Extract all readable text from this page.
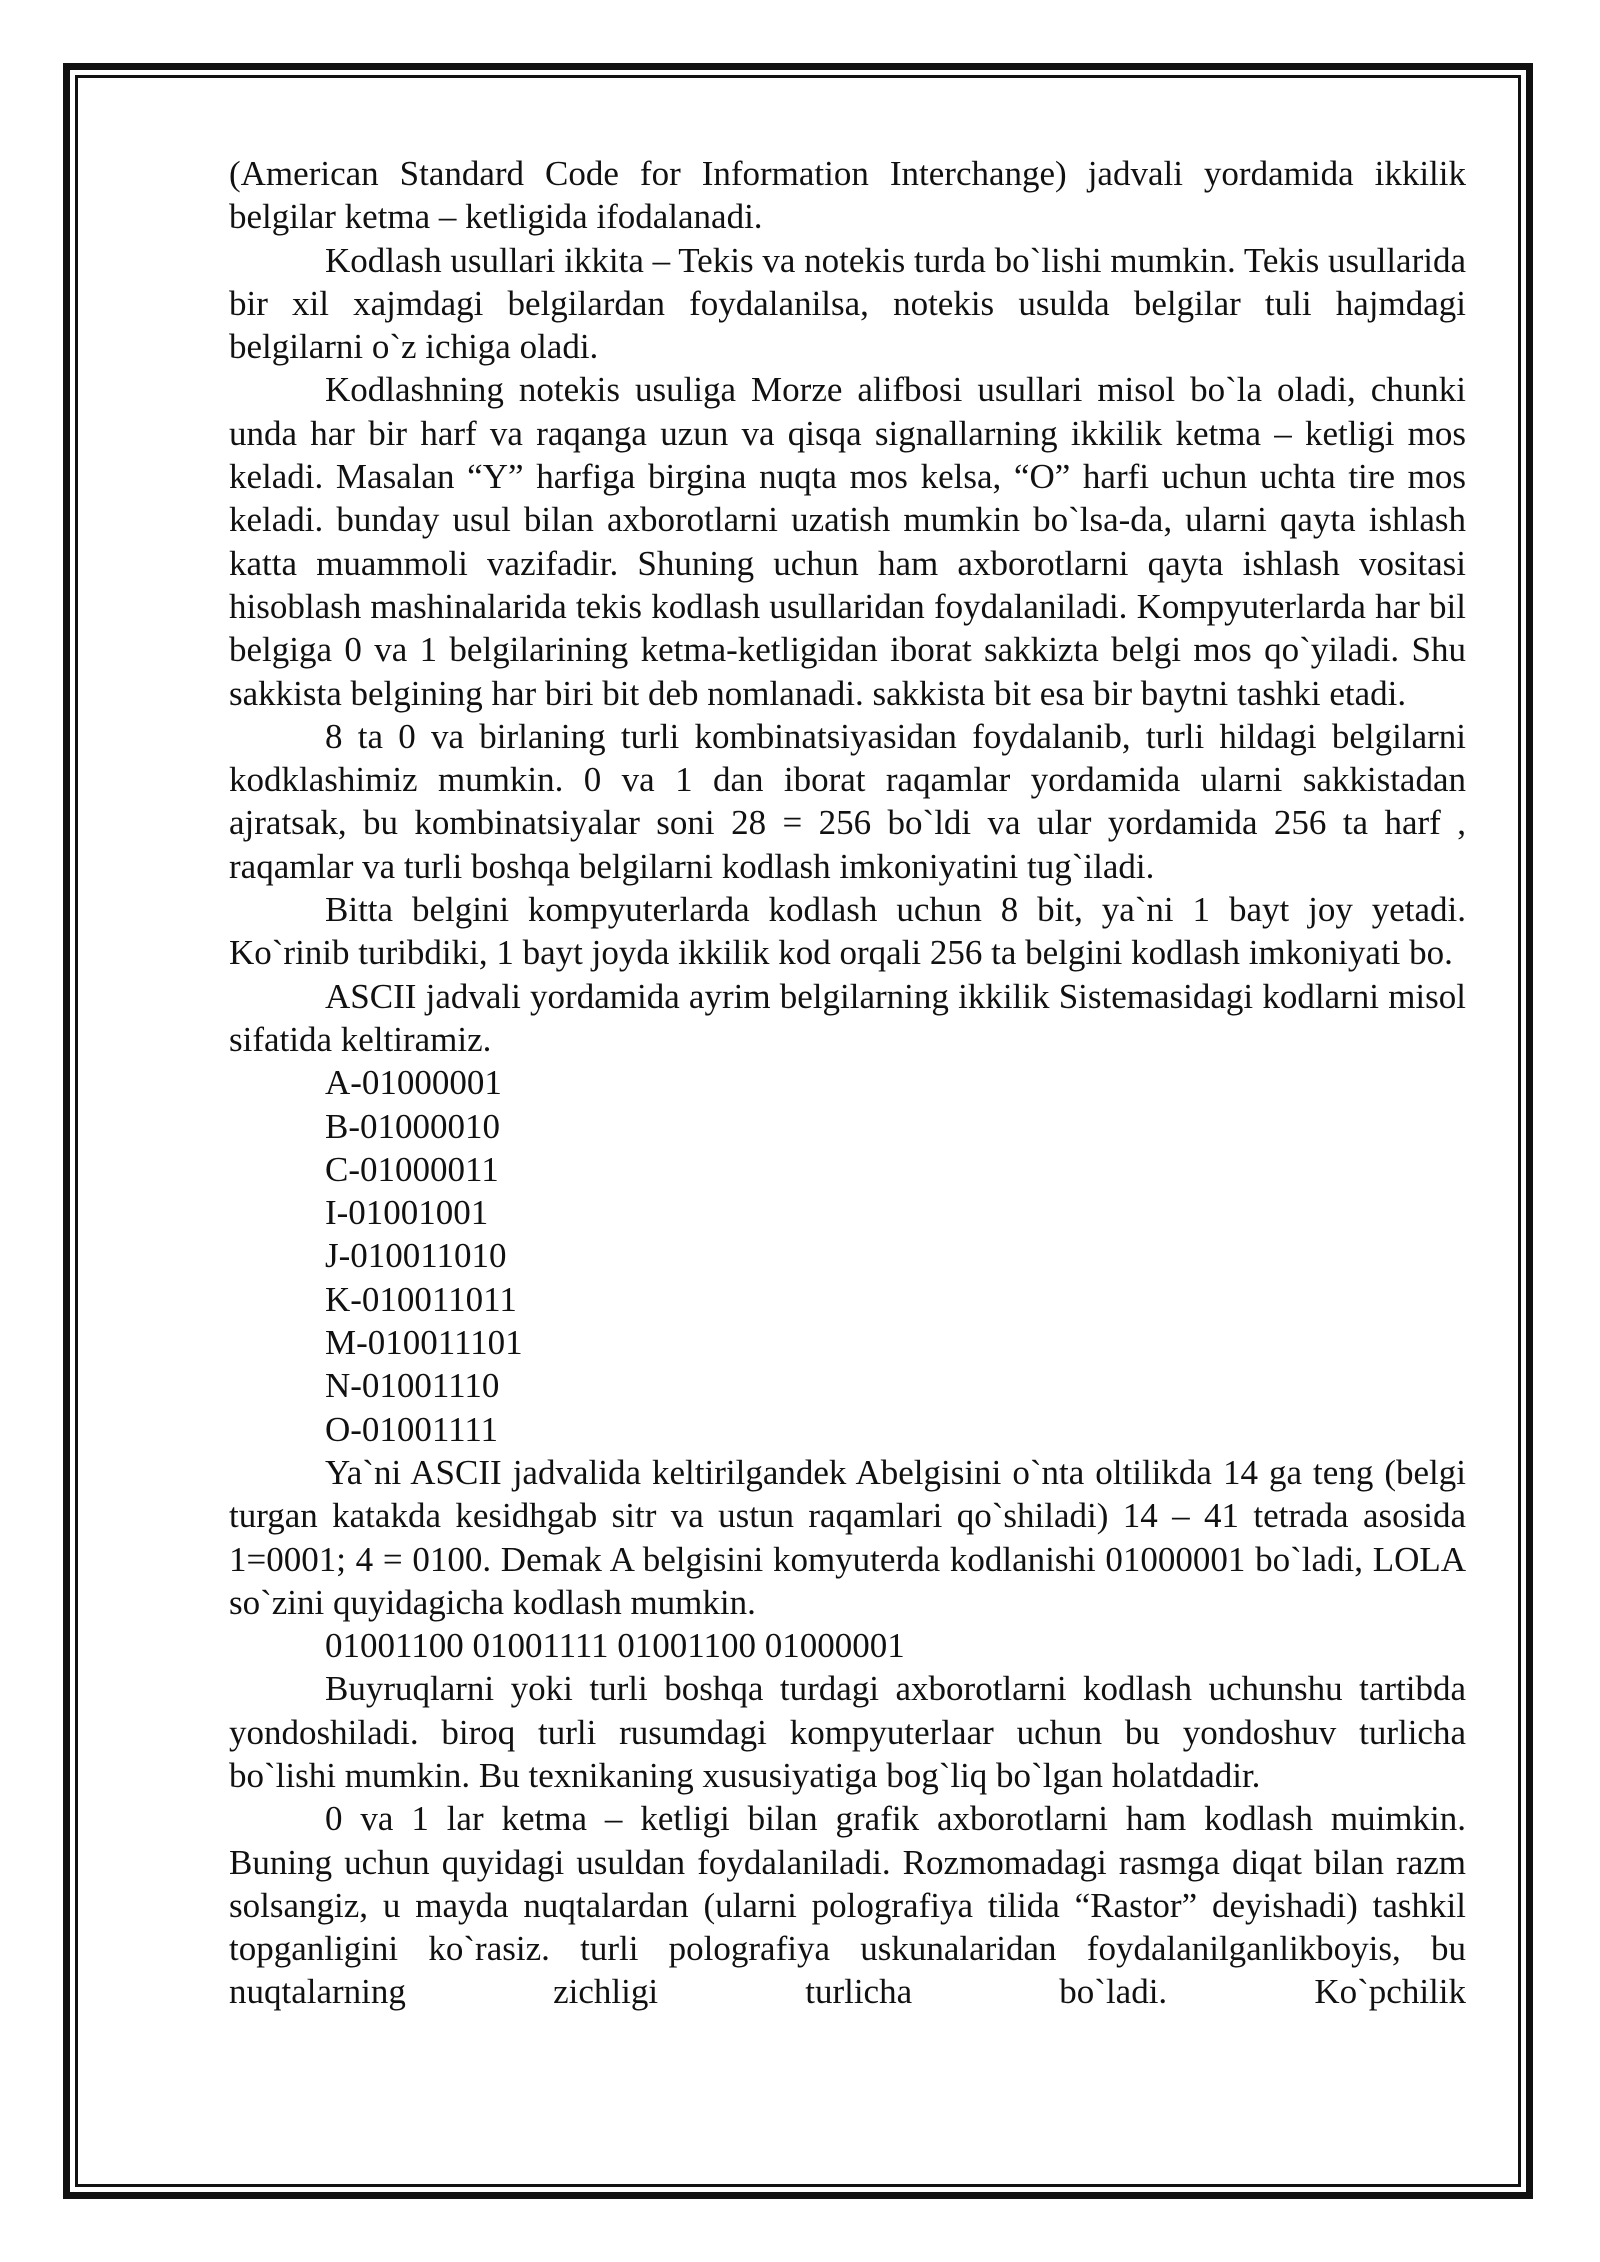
(American Standard Code for Information Interchange) jadvali yordamida ikkilik belgilar ketma – ketligida ifodalanadi.

Kodlash usullari ikkita – Tekis va notekis turda bo`lishi mumkin. Tekis usullarida bir xil xajmdagi belgilardan foydalanilsa, notekis usulda belgilar tuli hajmdagi belgilarni o`z ichiga oladi.

Kodlashning notekis usuliga Morze alifbosi usullari misol bo`la oladi, chunki unda har bir harf va raqanga uzun va qisqa signallarning ikkilik ketma – ketligi mos keladi. Masalan “Y” harfiga birgina nuqta mos kelsa, “O” harfi uchun uchta tire mos keladi. bunday usul bilan axborotlarni uzatish mumkin bo`lsa-da, ularni qayta ishlash katta muammoli vazifadir. Shuning uchun ham axborotlarni qayta ishlash vositasi hisoblash mashinalarida tekis kodlash usullaridan foydalaniladi. Kompyuterlarda har bil belgiga 0 va 1 belgilarining ketma-ketligidan iborat sakkizta belgi mos qo`yiladi. Shu sakkista belgining har biri bit deb nomlanadi. sakkista bit esa bir baytni tashki etadi.

8 ta 0 va birlaning turli kombinatsiyasidan foydalanib, turli hildagi belgilarni kodklashimiz mumkin. 0 va 1 dan iborat raqamlar yordamida ularni sakkistadan ajratsak, bu kombinatsiyalar soni 28 = 256 bo`ldi va ular yordamida 256 ta harf , raqamlar va turli boshqa belgilarni kodlash imkoniyatini tug`iladi.

Bitta belgini kompyuterlarda kodlash uchun 8 bit, ya`ni 1 bayt joy yetadi. Ko`rinib turibdiki, 1 bayt joyda ikkilik kod orqali 256 ta belgini kodlash imkoniyati bo.

ASCII jadvali yordamida ayrim belgilarning ikkilik Sistemasidagi kodlarni misol sifatida keltiramiz.

A-01000001

B-01000010

C-01000011

I-01001001

J-010011010

K-010011011

M-010011101

N-01001110

O-01001111

Ya`ni ASCII jadvalida keltirilgandek Abelgisini o`nta oltilikda 14 ga teng (belgi turgan katakda kesidhgab sitr va ustun raqamlari qo`shiladi) 14 – 41 tetrada asosida 1=0001; 4 = 0100. Demak A belgisini komyuterda kodlanishi 01000001 bo`ladi, LOLA so`zini quyidagicha kodlash mumkin.

01001100 01001111 01001100 01000001

Buyruqlarni yoki turli boshqa turdagi axborotlarni kodlash uchunshu tartibda yondoshiladi. biroq turli rusumdagi kompyuterlaar uchun bu yondoshuv turlicha bo`lishi mumkin. Bu texnikaning xususiyatiga bog`liq bo`lgan holatdadir.

0 va 1 lar ketma – ketligi bilan grafik axborotlarni ham kodlash muimkin. Buning uchun quyidagi usuldan foydalaniladi. Rozmomadagi rasmga diqat bilan razm solsangiz, u mayda nuqtalardan (ularni polografiya tilida “Rastor” deyishadi) tashkil topganligini ko`rasiz. turli polografiya uskunalaridan foydalanilganlikboyis, bu nuqtalarning zichligi turlicha bo`ladi. Ko`pchilik
